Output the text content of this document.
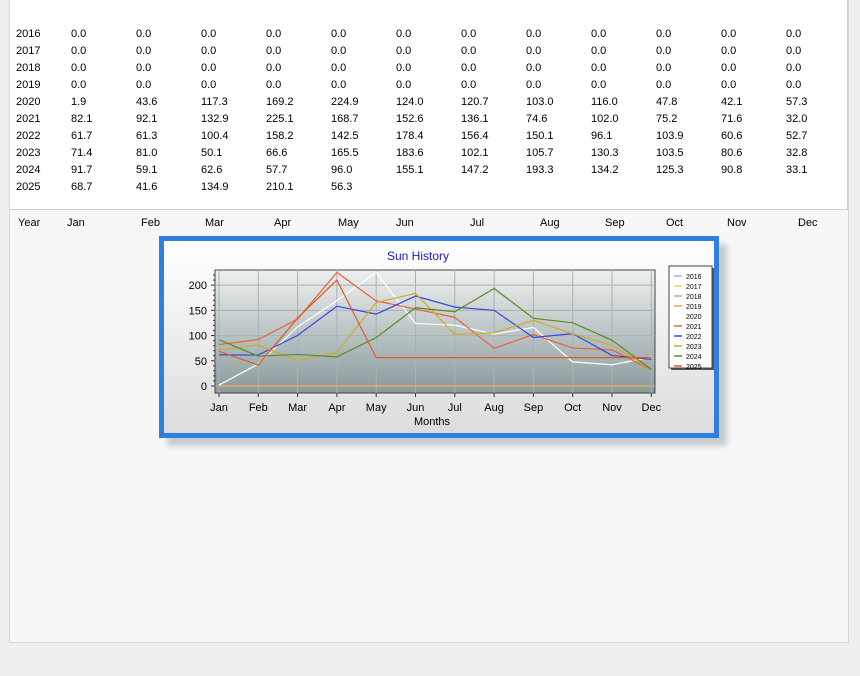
2016	0.0	0.0	0.0	0.0	0.0	0.0	0.0	0.0	0.0	0.0	0.0	0.0
2017	0.0	0.0	0.0	0.0	0.0	0.0	0.0	0.0	0.0	0.0	0.0	0.0
2018	0.0	0.0	0.0	0.0	0.0	0.0	0.0	0.0	0.0	0.0	0.0	0.0
2019	0.0	0.0	0.0	0.0	0.0	0.0	0.0	0.0	0.0	0.0	0.0	0.0
2020	1.9	43.6	117.3	169.2	224.9	124.0	120.7	103.0	116.0	47.8	42.1	57.3
2021	82.1	92.1	132.9	225.1	168.7	152.6	136.1	74.6	102.0	75.2	71.6	32.0
2022	61.7	61.3	100.4	158.2	142.5	178.4	156.4	150.1	96.1	103.9	60.6	52.7
2023	71.4	81.0	50.1	66.6	165.5	183.6	102.1	105.7	130.3	103.5	80.6	32.8
2024	91.7	59.1	62.6	57.7	96.0	155.1	147.2	193.3	134.2	125.3	90.8	33.1
2025	68.7	41.6	134.9	210.1	56.3
Year Jan	Feb	Mar	Apr	May	Jun	Jul	Aug	Sep	Oct	Nov	Dec
Sun History
0
50
100
150
200
Jan Feb Mar Apr May Jun Jul Aug Sep Oct Nov Dec
Months
2016
2017
2018
2019
2020
2021
2022
2023
2024
2025
